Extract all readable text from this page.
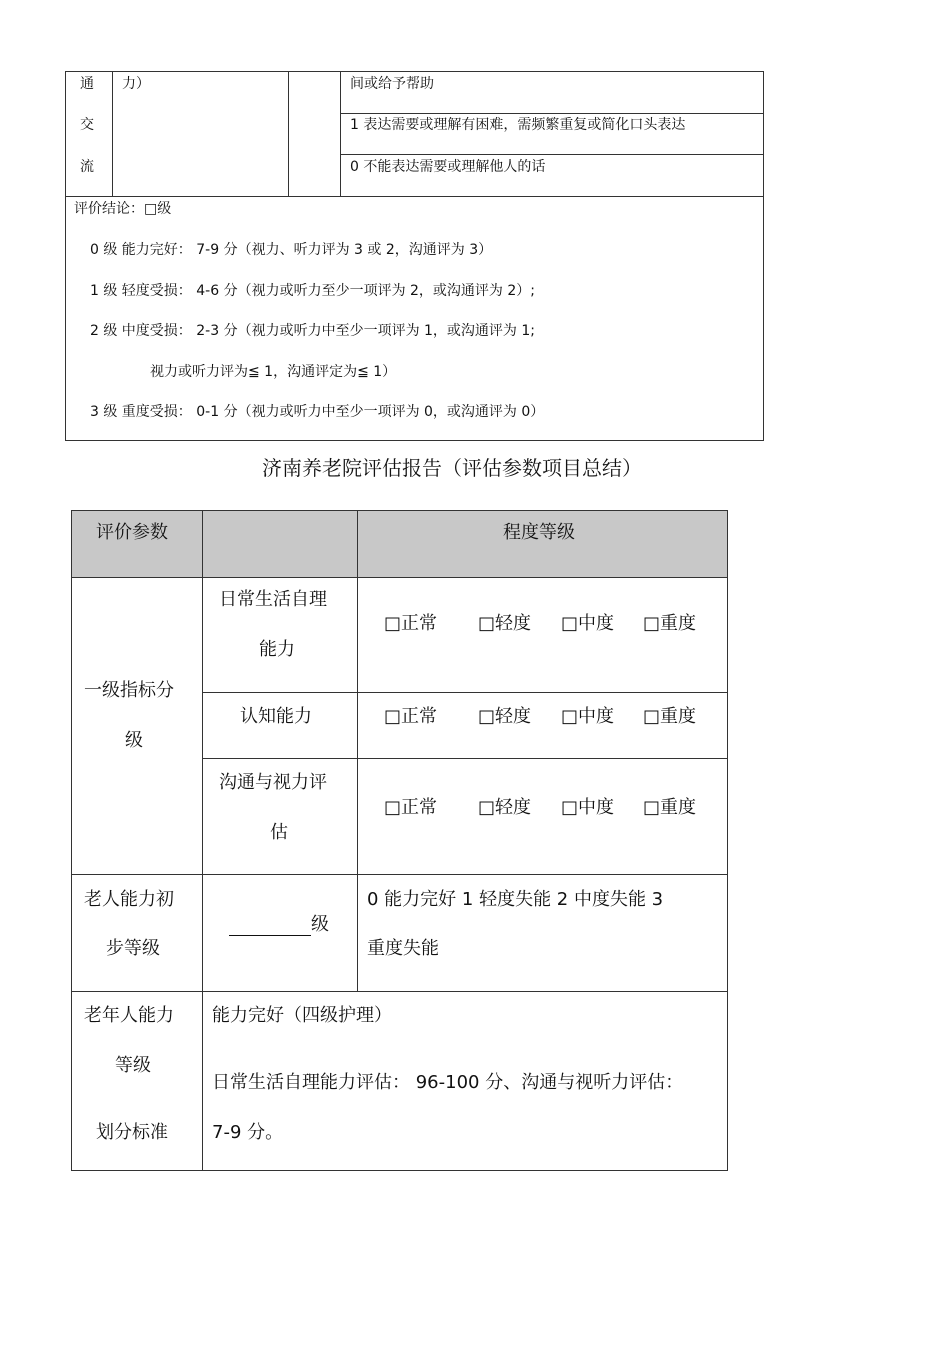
通
交
流
力）	间或给予帮助
1 表达需要或理解有困难，需频繁重复或简化口头表达
0 不能表达需要或理解他人的话
评价结论：□级
0 级 能力完好： 7-9 分（视力、听力评为 3 或 2，沟通评为 3）
1 级 轻度受损： 4-6 分（视力或听力至少一项评为 2，或沟通评为 2）;
2 级 中度受损： 2-3 分（视力或听力中至少一项评为 1，或沟通评为 1;
视力或听力评为≦ 1，沟通评定为≦ 1）
3 级 重度受损： 0-1 分（视力或听力中至少一项评为 0，或沟通评为 0）
济南养老院评估报告（评估参数项目总结）
评价参数	程度等级
一级指标分
级
日常生活自理
能力
认知能力
沟通与视力评
估
□正常 □轻度 □中度 □重度
□正常 □轻度 □中度 □重度
□正常 □轻度 □中度 □重度
老人能力初
步等级
级
0 能力完好 1 轻度失能 2 中度失能 3
重度失能
老年人能力
等级
划分标准
能力完好（四级护理）
日常生活自理能力评估： 96-100 分、沟通与视听力评估：
7-9 分。
